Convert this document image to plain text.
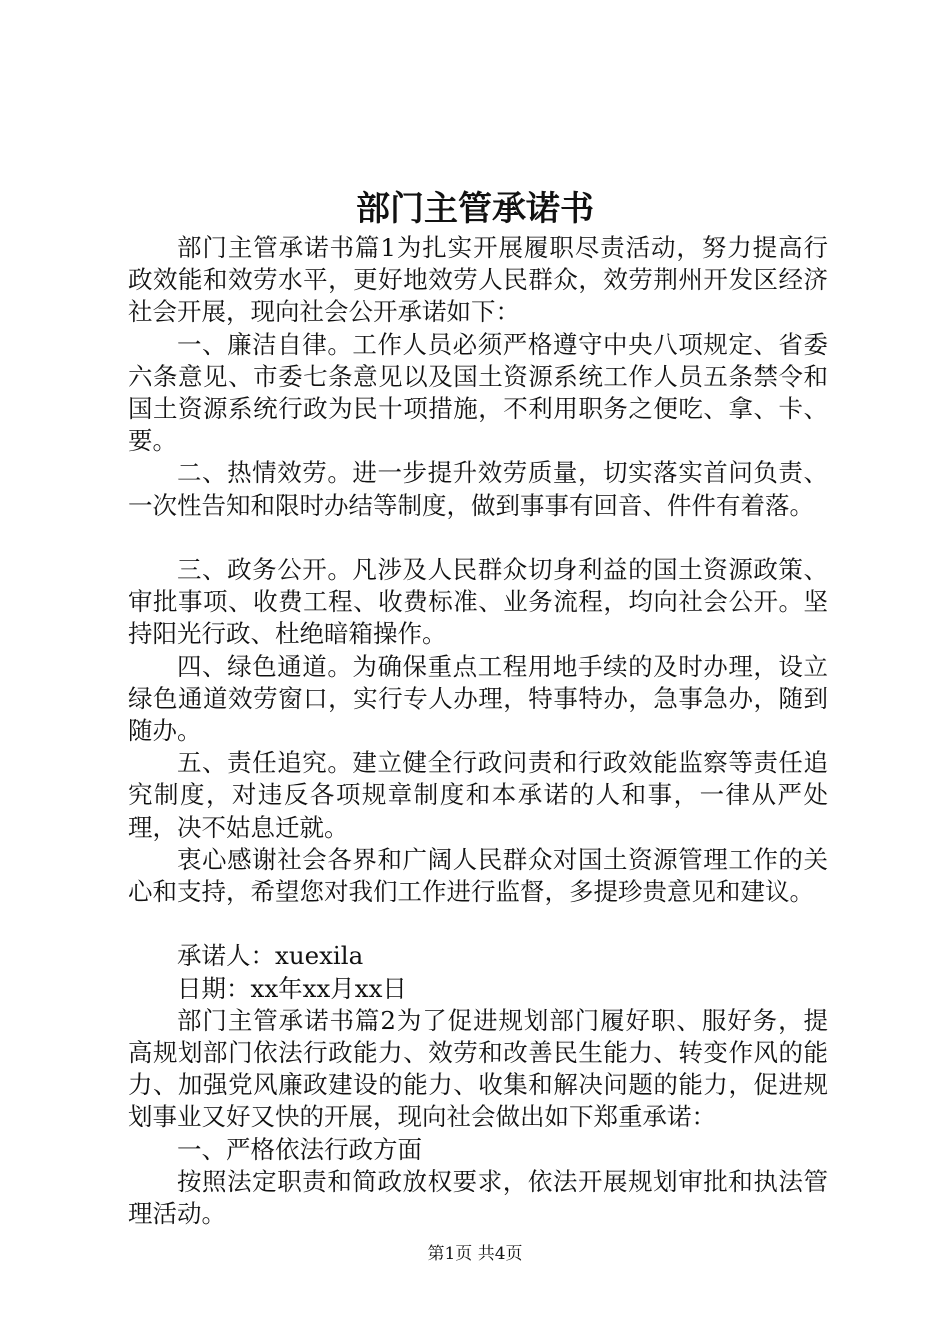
部门主管承诺书

部门主管承诺书篇1为扎实开展履职尽责活动，努力提高行政效能和效劳水平，更好地效劳人民群众，效劳荆州开发区经济社会开展，现向社会公开承诺如下：

一、廉洁自律。工作人员必须严格遵守中央八项规定、省委六条意见、市委七条意见以及国土资源系统工作人员五条禁令和国土资源系统行政为民十项措施，不利用职务之便吃、拿、卡、要。

二、热情效劳。进一步提升效劳质量，切实落实首问负责、一次性告知和限时办结等制度，做到事事有回音、件件有着落。

三、政务公开。凡涉及人民群众切身利益的国土资源政策、审批事项、收费工程、收费标准、业务流程，均向社会公开。坚持阳光行政、杜绝暗箱操作。

四、绿色通道。为确保重点工程用地手续的及时办理，设立绿色通道效劳窗口，实行专人办理，特事特办，急事急办，随到随办。

五、责任追究。建立健全行政问责和行政效能监察等责任追究制度，对违反各项规章制度和本承诺的人和事，一律从严处理，决不姑息迁就。

衷心感谢社会各界和广阔人民群众对国土资源管理工作的关心和支持，希望您对我们工作进行监督，多提珍贵意见和建议。

承诺人：xuexila

日期：xx年xx月xx日

部门主管承诺书篇2为了促进规划部门履好职、服好务，提高规划部门依法行政能力、效劳和改善民生能力、转变作风的能力、加强党风廉政建设的能力、收集和解决问题的能力，促进规划事业又好又快的开展，现向社会做出如下郑重承诺：

一、严格依法行政方面

按照法定职责和简政放权要求，依法开展规划审批和执法管理活动。

第1页 共4页
